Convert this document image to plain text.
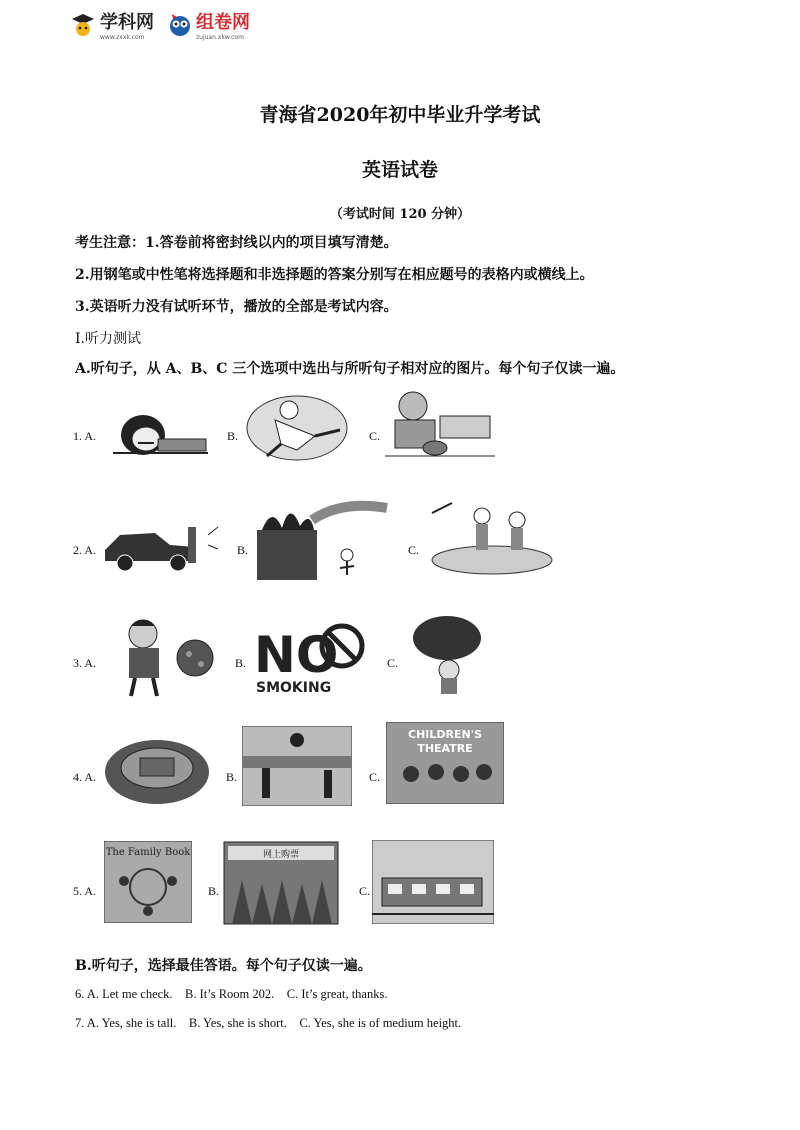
学科网
www.zxxk.com
组卷网
zujuan.xkw.com
青海省2020年初中毕业升学考试
英语试卷
（考试时间 120 分钟）
考生注意：1.答卷前将密封线以内的项目填写清楚。
2.用钢笔或中性笔将选择题和非选择题的答案分别写在相应题号的表格内或横线上。
3.英语听力没有试听环节，播放的全部是考试内容。
Ⅰ.听力测试
A.听句子，从 A、B、C 三个选项中选出与所听句子相对应的图片。每个句子仅读一遍。
1. A.	B.	C.
2. A.	B.	C.
3. A.	B. NO
SMOKING
C.
4. A.	B.	C.
CHILDREN'S
THEATRE
5. A.
The Family Book
B.
网上购票
C.
B.听句子，选择最佳答语。每个句子仅读一遍。
6. A. Let me check.    B. It’s Room 202.    C. It’s great, thanks.
7. A. Yes, she is tall.    B. Yes, she is short.    C. Yes, she is of medium height.
